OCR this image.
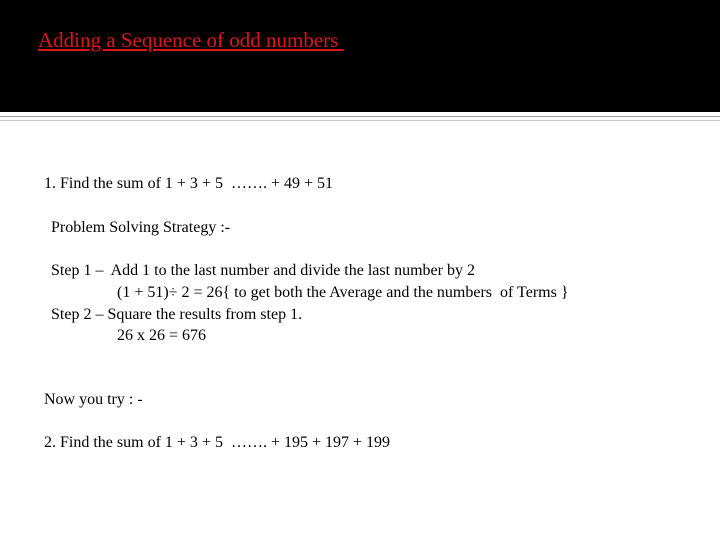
Adding a Sequence of odd numbers
1. Find the sum of 1 + 3 + 5  ……. + 49 + 51
Problem Solving Strategy :-
Step 1 –  Add 1 to the last number and divide the last number by 2
(1 + 51)÷ 2 = 26{ to get both the Average and the numbers  of Terms }
Step 2 – Square the results from step 1.
26 x 26 = 676
Now you try : -
2. Find the sum of 1 + 3 + 5  ……. + 195 + 197 + 199
